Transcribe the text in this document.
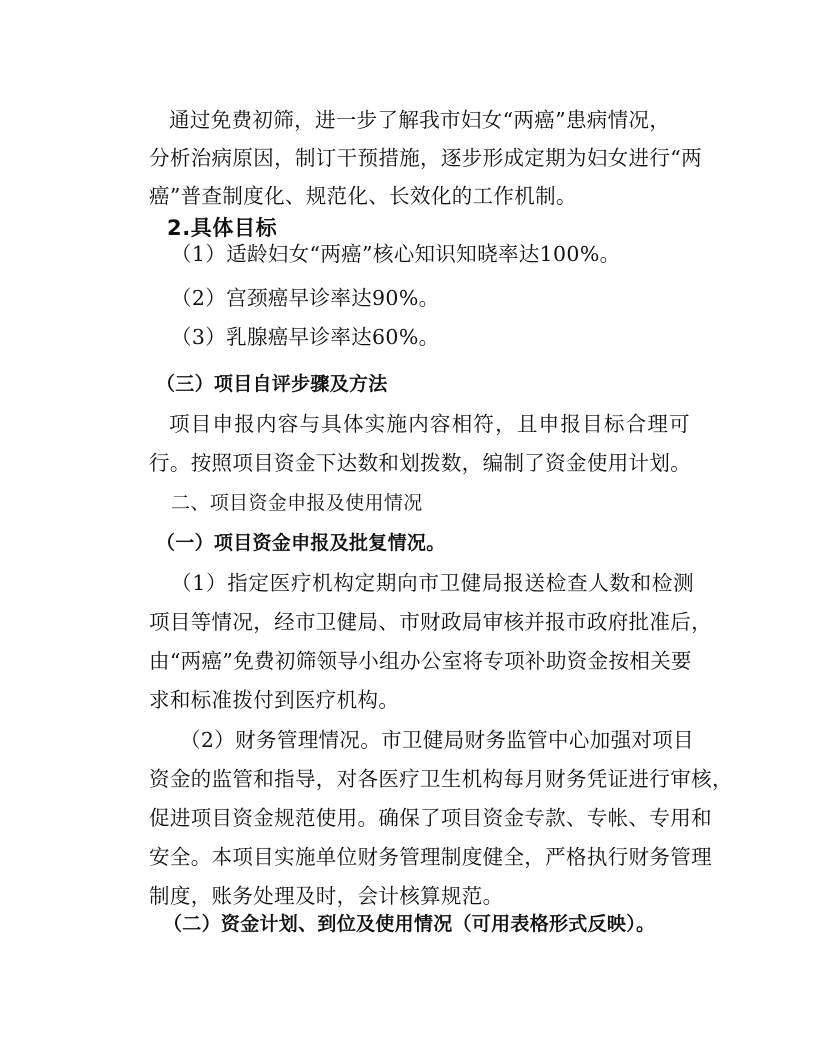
通过免费初筛，进一步了解我市妇女“两癌”患病情况，
分析治病原因，制订干预措施，逐步形成定期为妇女进行“两
癌”普查制度化、规范化、长效化的工作机制。
2.具体目标
（1）适龄妇女“两癌”核心知识知晓率达100%。
（2）宫颈癌早诊率达90%。
（3）乳腺癌早诊率达60%。
（三）项目自评步骤及方法
项目申报内容与具体实施内容相符，且申报目标合理可
行。按照项目资金下达数和划拨数，编制了资金使用计划。
二、项目资金申报及使用情况
（一）项目资金申报及批复情况。
（1）指定医疗机构定期向市卫健局报送检查人数和检测
项目等情况，经市卫健局、市财政局审核并报市政府批准后，
由“两癌”免费初筛领导小组办公室将专项补助资金按相关要
求和标准拨付到医疗机构。
（2）财务管理情况。市卫健局财务监管中心加强对项目
资金的监管和指导，对各医疗卫生机构每月财务凭证进行审核，
促进项目资金规范使用。确保了项目资金专款、专帐、专用和
安全。本项目实施单位财务管理制度健全，严格执行财务管理
制度，账务处理及时，会计核算规范。
（二）资金计划、到位及使用情况（可用表格形式反映）。
